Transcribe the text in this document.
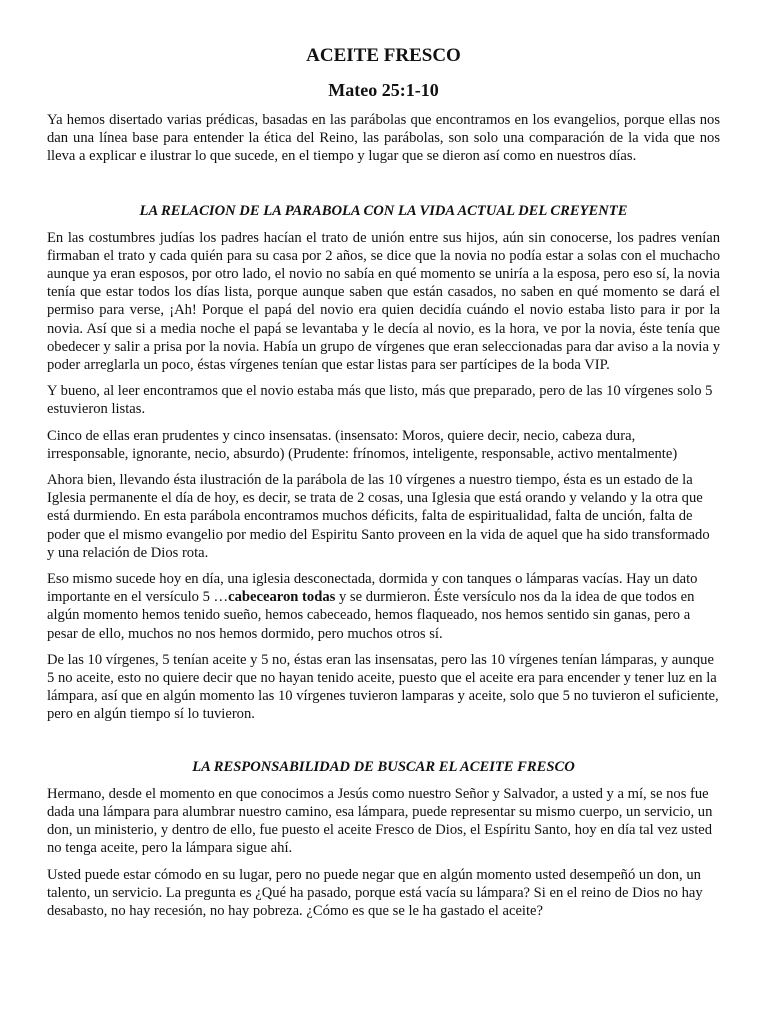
ACEITE FRESCO
Mateo 25:1-10

Ya hemos disertado varias prédicas, basadas en las parábolas que encontramos en los evangelios, porque ellas nos dan una línea base para entender la ética del Reino, las parábolas, son solo una comparación de la vida que nos lleva a explicar e ilustrar lo que sucede, en el tiempo y lugar que se dieron así como en nuestros días.

LA RELACION DE LA PARABOLA CON LA VIDA ACTUAL DEL CREYENTE

En las costumbres judías los padres hacían el trato de unión entre sus hijos, aún sin conocerse, los padres venían firmaban el trato y cada quién para su casa por 2 años, se dice que la novia no podía estar a solas con el muchacho aunque ya eran esposos, por otro lado, el novio no sabía en qué momento se uniría a la esposa, pero eso sí, la novia tenía que estar todos los días lista, porque aunque saben que están casados, no saben en qué momento se dará el permiso para verse, ¡Ah! Porque el papá del novio era quien decidía cuándo el novio estaba listo para ir por la novia. Así que si a media noche el papá se levantaba y le decía al novio, es la hora, ve por la novia, éste tenía que obedecer y salir a prisa por la novia. Había un grupo de vírgenes que eran seleccionadas para dar aviso a la novia y poder arreglarla un poco, éstas vírgenes tenían que estar listas para ser partícipes de la boda VIP.

Y bueno, al leer encontramos que el novio estaba más que listo, más que preparado, pero de las 10 vírgenes solo 5 estuvieron listas.

Cinco de ellas eran prudentes y cinco insensatas. (insensato: Moros, quiere decir, necio, cabeza dura, irresponsable, ignorante, necio, absurdo) (Prudente: frínomos, inteligente, responsable, activo mentalmente)

Ahora bien, llevando ésta ilustración de la parábola de las 10 vírgenes a nuestro tiempo, ésta es un estado de la Iglesia permanente el día de hoy, es decir, se trata de 2 cosas, una Iglesia que está orando y velando y la otra que está durmiendo. En esta parábola encontramos muchos déficits, falta de espiritualidad, falta de unción, falta de poder que el mismo evangelio por medio del Espiritu Santo proveen en la vida de aquel que ha sido transformado y una relación de Dios rota.

Eso mismo sucede hoy en día, una iglesia desconectada, dormida y con tanques o lámparas vacías. Hay un dato importante en el versículo 5 …cabecearon todas y se durmieron. Éste versículo nos da la idea de que todos en algún momento hemos tenido sueño, hemos cabeceado, hemos flaqueado, nos hemos sentido sin ganas, pero a pesar de ello, muchos no nos hemos dormido, pero muchos otros sí.

De las 10 vírgenes, 5 tenían aceite y 5 no, éstas eran las insensatas, pero las 10 vírgenes tenían lámparas, y aunque 5 no aceite, esto no quiere decir que no hayan tenido aceite, puesto que el aceite era para encender y tener luz en la lámpara, así que en algún momento las 10 vírgenes tuvieron lamparas y aceite, solo que 5 no tuvieron el suficiente, pero en algún tiempo sí lo tuvieron.

LA RESPONSABILIDAD DE BUSCAR EL ACEITE FRESCO

Hermano, desde el momento en que conocimos a Jesús como nuestro Señor y Salvador, a usted y a mí, se nos fue dada una lámpara para alumbrar nuestro camino, esa lámpara, puede representar su mismo cuerpo, un servicio, un don, un ministerio, y dentro de ello, fue puesto el aceite Fresco de Dios, el Espíritu Santo, hoy en día tal vez usted no tenga aceite, pero la lámpara sigue ahí.

Usted puede estar cómodo en su lugar, pero no puede negar que en algún momento usted desempeñó un don, un talento, un servicio. La pregunta es ¿Qué ha pasado, porque está vacía su lámpara? Si en el reino de Dios no hay desabasto, no hay recesión, no hay pobreza. ¿Cómo es que se le ha gastado el aceite?
